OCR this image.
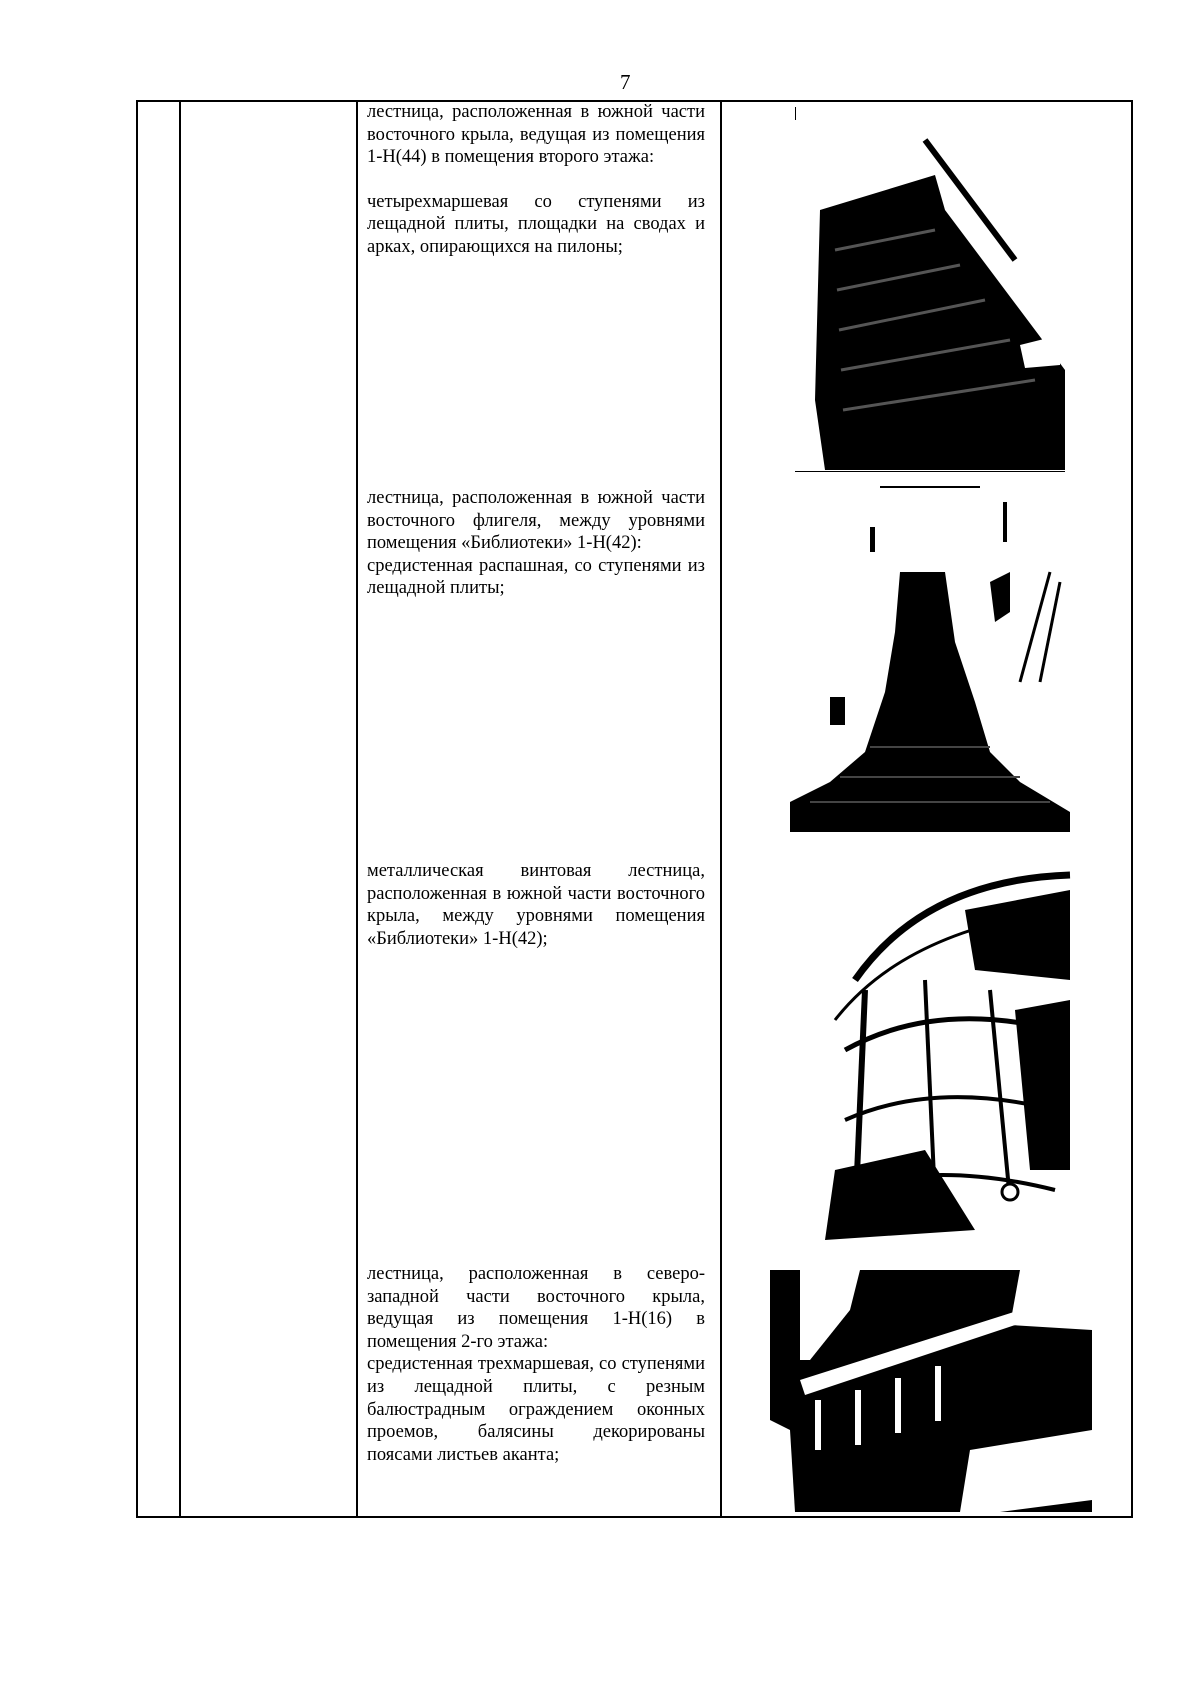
7

лестница, расположенная в южной части восточного крыла, ведущая из помещения 1-Н(44) в помещения второго этажа:

четырехмаршевая со ступенями из лещадной плиты, площадки на сводах и арках, опирающихся на пилоны;

лестница, расположенная в южной части восточного флигеля, между уровнями помещения «Библиотеки» 1-Н(42):

средистенная распашная, со ступенями из лещадной плиты;

металлическая винтовая лестница, расположенная в южной части восточного крыла, между уровнями помещения «Библиотеки» 1-Н(42);

лестница, расположенная в северо-западной части восточного крыла, ведущая из помещения 1-Н(16) в помещения 2-го этажа:

средистенная трехмаршевая, со ступенями из лещадной плиты, с резным балюстрадным ограждением оконных проемов, балясины декорированы поясами листьев аканта;
